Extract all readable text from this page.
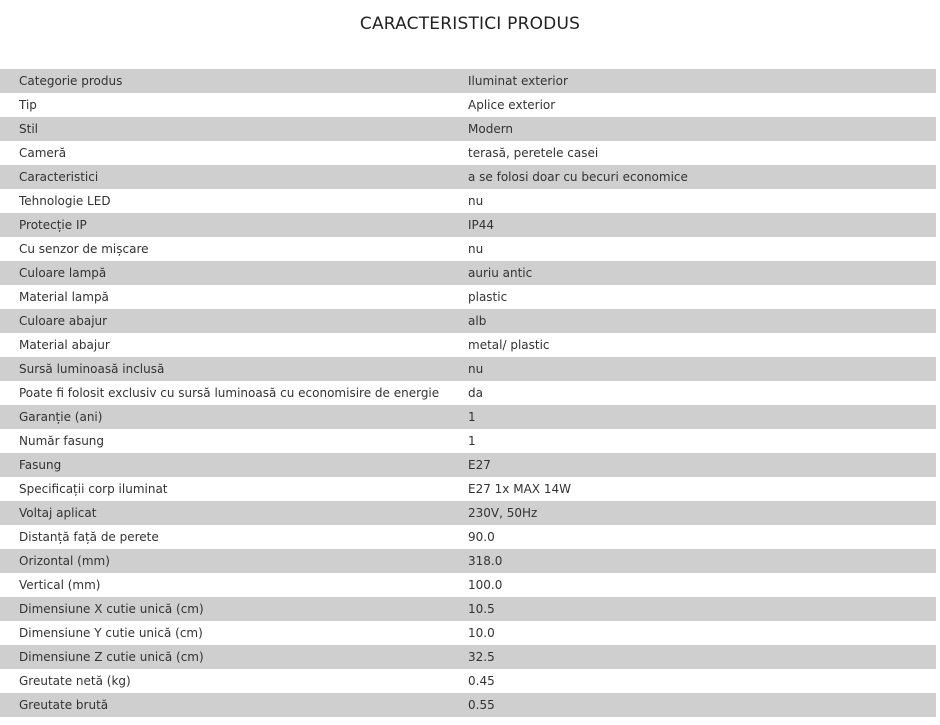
CARACTERISTICI PRODUS
Categorie produs	Iluminat exterior
Tip	Aplice exterior
Stil	Modern
Cameră	terasă, peretele casei
Caracteristici	a se folosi doar cu becuri economice
Tehnologie LED	nu
Protecție IP	IP44
Cu senzor de mișcare	nu
Culoare lampă	auriu antic
Material lampă	plastic
Culoare abajur	alb
Material abajur	metal/ plastic
Sursă luminoasă inclusă	nu
Poate fi folosit exclusiv cu sursă luminoasă cu economisire de energie	da
Garanție (ani)	1
Număr fasung	1
Fasung	E27
Specificații corp iluminat	E27 1x MAX 14W
Voltaj aplicat	230V, 50Hz
Distanță față de perete	90.0
Orizontal (mm)	318.0
Vertical (mm)	100.0
Dimensiune X cutie unică (cm)	10.5
Dimensiune Y cutie unică (cm)	10.0
Dimensiune Z cutie unică (cm)	32.5
Greutate netă (kg)	0.45
Greutate brută	0.55
